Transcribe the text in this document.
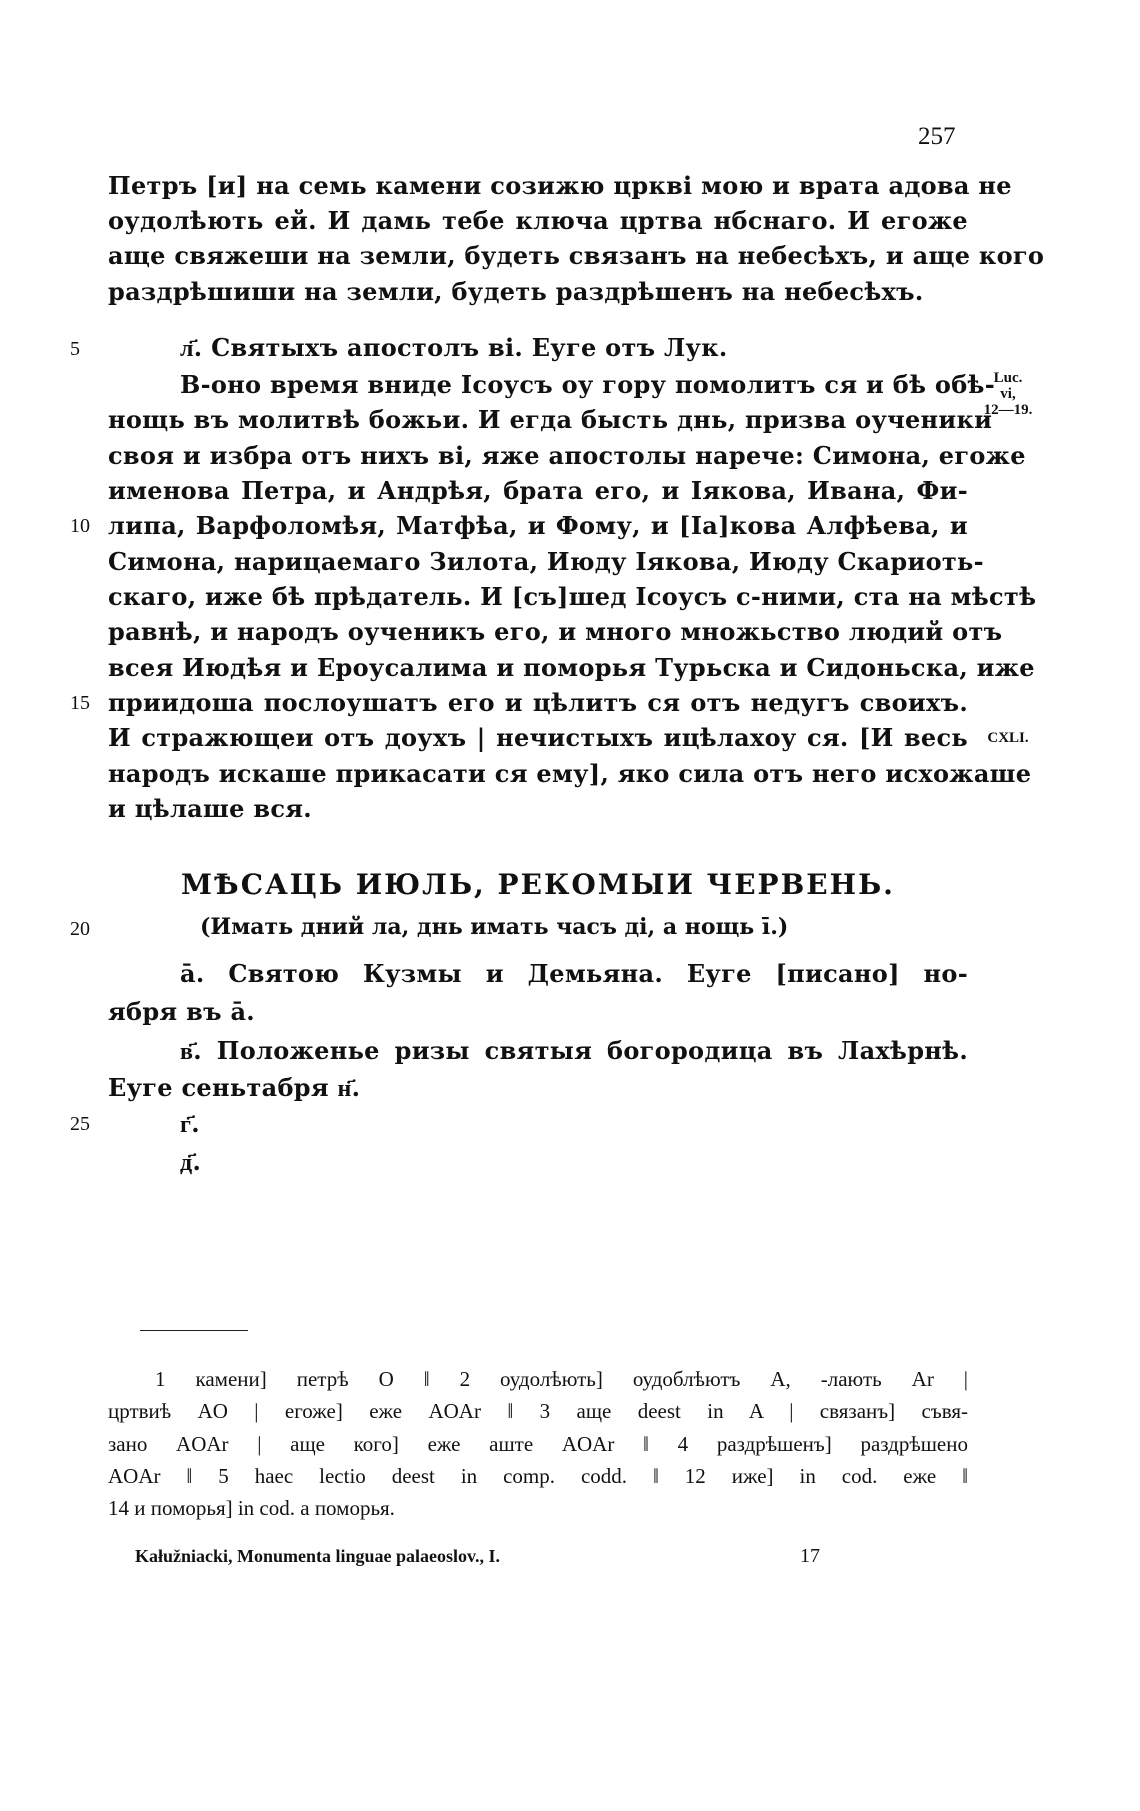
257
Петръ [и] на семь камени созижю цркві мою и врата адова не
оудолѣють ей. И дамь тебе ключа цртва нбснаго. И егоже
аще свяжеши на земли, будеть связанъ на небесѣхъ, и аще кого
раздрѣшиши на земли, будеть раздрѣшенъ на небесѣхъ.
5	л҃. Святыхъ апостолъ ві. Еуге отъ Лук.
Luc.
vi,
12—19.
В-оно время вниде Ісоусъ оу гору помолитъ ся и бѣ обѣ-
нощь въ молитвѣ божьи. И егда бысть днь, призва оученики
своя и избра отъ нихъ ві, яже апостолы нарече: Симона, егоже
именова Петра, и Андрѣя, брата его, и Іякова, Ивана, Фи-
10 липа, Варфоломѣя, Матфѣа, и Фому, и [Іа]кова Алфѣева, и
Симона, нарицаемаго Зилота, Июду Іякова, Июду Скариоть-
скаго, иже бѣ прѣдатель. И [съ]шед Ісоусъ с-ними, ста на мѣстѣ
равнѣ, и народъ оученикъ его, и много множьство людий отъ
всея Июдѣя и Ероусалима и поморья Турьска и Сидоньска, иже
15 приидоша послоушатъ его и цѣлитъ ся отъ недугъ своихъ.
И стражющеи отъ доухъ | нечистыхъ ицѣлахоу ся. [И весь	CXLI.
народъ искаше прикасати ся ему], яко сила отъ него исхожаше
и цѣлаше вся.
МѢСАЦЬ ИЮЛЬ, РЕКОМЫИ ЧЕРВЕНЬ.
20	(Имать дний ла, днь имать часъ ді, а нощь ī.)
ā. Святою Кузмы и Демьяна. Еуге [писано] но-
ября въ ā.
в҃. Положенье ризы святыя богородица въ Лахѣрнѣ.
Еуге сеньтабря н҃.
25	г҃.
д҃.
1 камени] петрѣ O ‖ 2 оудолѣють] оудоблѣютъ A, -лають Ar |
цртвиѣ AO | егоже] еже AOAr ‖ 3 аще deest in A | связанъ] съвя-
зано AOAr | аще кого] еже аште AOAr ‖ 4 раздрѣшенъ] раздрѣшено
AOAr ‖ 5 haec lectio deest in comp. codd. ‖ 12 иже] in cod. еже ‖
14 и поморья] in cod. а поморья.
Kałužniacki, Monumenta linguae palaeoslov., I.	17
